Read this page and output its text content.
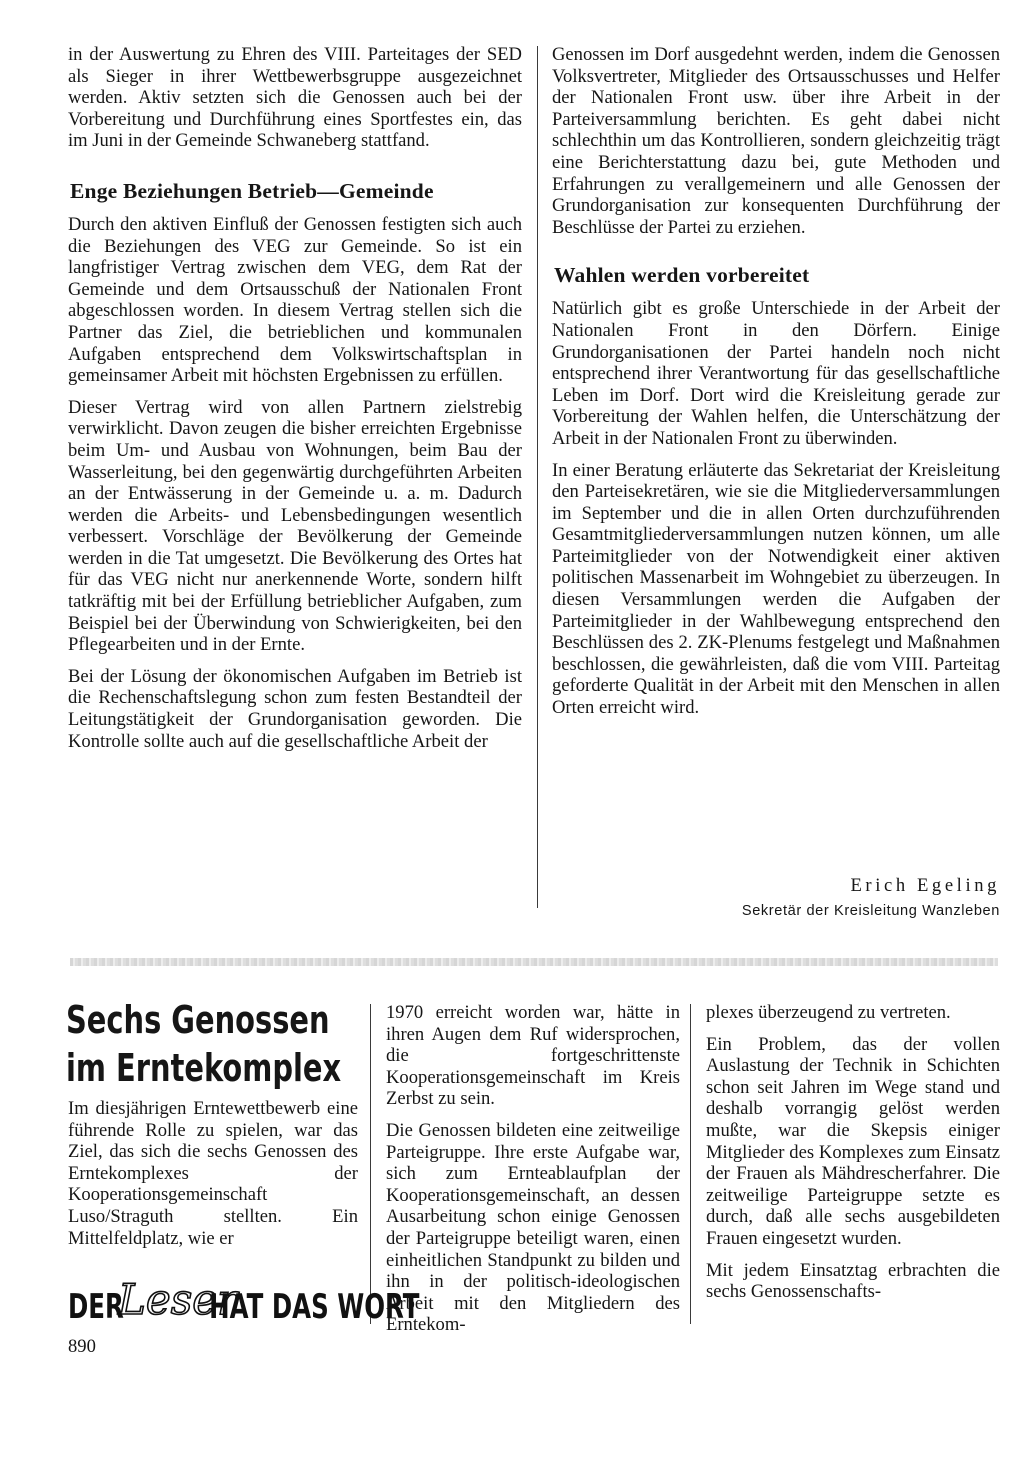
in der Auswertung zu Ehren des VIII. Parteitages der SED als Sieger in ihrer Wettbewerbsgruppe ausgezeichnet werden. Aktiv setzten sich die Genossen auch bei der Vorbereitung und Durchführung eines Sportfestes ein, das im Juni in der Gemeinde Schwaneberg stattfand.

Enge Beziehungen Betrieb—Gemeinde

Durch den aktiven Einfluß der Genossen festigten sich auch die Beziehungen des VEG zur Gemeinde. So ist ein langfristiger Vertrag zwischen dem VEG, dem Rat der Gemeinde und dem Ortsausschuß der Nationalen Front abgeschlossen worden. In diesem Vertrag stellen sich die Partner das Ziel, die betrieblichen und kommunalen Aufgaben entsprechend dem Volkswirtschaftsplan in gemeinsamer Arbeit mit höchsten Ergebnissen zu erfüllen.

Dieser Vertrag wird von allen Partnern zielstrebig verwirklicht. Davon zeugen die bisher erreichten Ergebnisse beim Um- und Ausbau von Wohnungen, beim Bau der Wasserleitung, bei den gegenwärtig durchgeführten Arbeiten an der Entwässerung in der Gemeinde u. a. m. Dadurch werden die Arbeits- und Lebensbedingungen wesentlich verbessert. Vorschläge der Bevölkerung der Gemeinde werden in die Tat umgesetzt. Die Bevölkerung des Ortes hat für das VEG nicht nur anerkennende Worte, sondern hilft tatkräftig mit bei der Erfüllung betrieblicher Aufgaben, zum Beispiel bei der Überwindung von Schwierigkeiten, bei den Pflegearbeiten und in der Ernte.

Bei der Lösung der ökonomischen Aufgaben im Betrieb ist die Rechenschaftslegung schon zum festen Bestandteil der Leitungstätigkeit der Grundorganisation geworden. Die Kontrolle sollte auch auf die gesellschaftliche Arbeit der

Genossen im Dorf ausgedehnt werden, indem die Genossen Volksvertreter, Mitglieder des Ortsausschusses und Helfer der Nationalen Front usw. über ihre Arbeit in der Parteiversammlung berichten. Es geht dabei nicht schlechthin um das Kontrollieren, sondern gleichzeitig trägt eine Berichterstattung dazu bei, gute Methoden und Erfahrungen zu verallgemeinern und alle Genossen der Grundorganisation zur konsequenten Durchführung der Beschlüsse der Partei zu erziehen.

Wahlen werden vorbereitet

Natürlich gibt es große Unterschiede in der Arbeit der Nationalen Front in den Dörfern. Einige Grundorganisationen der Partei handeln noch nicht entsprechend ihrer Verantwortung für das gesellschaftliche Leben im Dorf. Dort wird die Kreisleitung gerade zur Vorbereitung der Wahlen helfen, die Unterschätzung der Arbeit in der Nationalen Front zu überwinden.

In einer Beratung erläuterte das Sekretariat der Kreisleitung den Parteisekretären, wie sie die Mitgliederversammlungen im September und die in allen Orten durchzuführenden Gesamtmitgliederversammlungen nutzen können, um alle Parteimitglieder von der Notwendigkeit einer aktiven politischen Massenarbeit im Wohngebiet zu überzeugen. In diesen Versammlungen werden die Aufgaben der Parteimitglieder in der Wahlbewegung entsprechend den Beschlüssen des 2. ZK-Plenums festgelegt und Maßnahmen beschlossen, die gewährleisten, daß die vom VIII. Parteitag geforderte Qualität in der Arbeit mit den Menschen in allen Orten erreicht wird.

Erich Egeling
Sekretär der Kreisleitung Wanzleben
Sechs Genossen
im Erntekomplex

Im diesjährigen Erntewettbewerb eine führende Rolle zu spielen, war das Ziel, das sich die sechs Genossen des Erntekomplexes der Kooperationsgemeinschaft Luso/Straguth stellten. Ein Mittelfeldplatz, wie er

1970 erreicht worden war, hätte in ihren Augen dem Ruf widersprochen, die fortgeschrittenste Kooperationsgemeinschaft im Kreis Zerbst zu sein.

Die Genossen bildeten eine zeitweilige Parteigruppe. Ihre erste Aufgabe war, sich zum Ernteablaufplan der Kooperationsgemeinschaft, an dessen Ausarbeitung schon einige Genossen der Parteigruppe beteiligt waren, einen einheitlichen Standpunkt zu bilden und ihn in der politisch-ideologischen Arbeit mit den Mitgliedern des Erntekom-

plexes überzeugend zu vertreten.

Ein Problem, das der vollen Auslastung der Technik in Schichten schon seit Jahren im Wege stand und deshalb vorrangig gelöst werden mußte, war die Skepsis einiger Mitglieder des Komplexes zum Einsatz der Frauen als Mähdrescherfahrer. Die zeitweilige Parteigruppe setzte es durch, daß alle sechs ausgebildeten Frauen eingesetzt wurden.

Mit jedem Einsatztag erbrachten die sechs Genossenschafts-

DER
Leser
HAT DAS WORT

890
